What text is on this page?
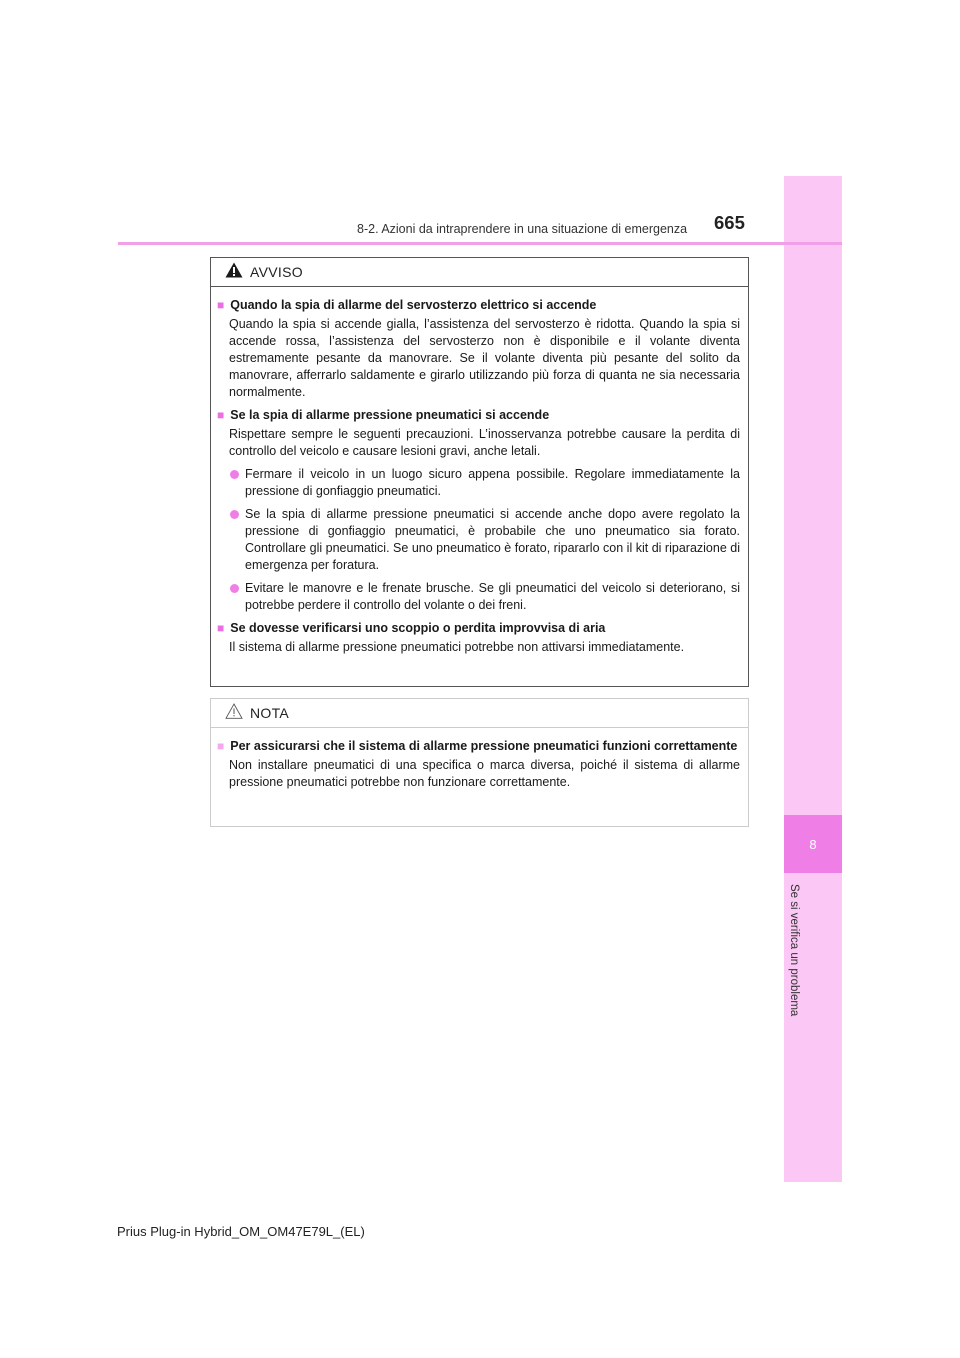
8
Se si verifica un problema
8-2. Azioni da intraprendere in una situazione di emergenza 665
AVVISO
■ Quando la spia di allarme del servosterzo elettrico si accende

Quando la spia si accende gialla, l’assistenza del servosterzo è ridotta. Quando la spia si accende rossa, l’assistenza del servosterzo non è disponibile e il volante diventa estremamente pesante da manovrare. Se il volante diventa più pesante del solito da manovrare, afferrarlo saldamente e girarlo utilizzando più forza di quanta ne sia necessaria normalmente.

■ Se la spia di allarme pressione pneumatici si accende

Rispettare sempre le seguenti precauzioni. L’inosservanza potrebbe causare la perdita di controllo del veicolo e causare lesioni gravi, anche letali.

Fermare il veicolo in un luogo sicuro appena possibile. Regolare immediatamente la pressione di gonfiaggio pneumatici.
Se la spia di allarme pressione pneumatici si accende anche dopo avere regolato la pressione di gonfiaggio pneumatici, è probabile che uno pneumatico sia forato. Controllare gli pneumatici. Se uno pneumatico è forato, ripararlo con il kit di riparazione di emergenza per foratura.
Evitare le manovre e le frenate brusche. Se gli pneumatici del veicolo si deteriorano, si potrebbe perdere il controllo del volante o dei freni.
■ Se dovesse verificarsi uno scoppio o perdita improvvisa di aria

Il sistema di allarme pressione pneumatici potrebbe non attivarsi immediatamente.

NOTA
■ Per assicurarsi che il sistema di allarme pressione pneumatici funzioni correttamente

Non installare pneumatici di una specifica o marca diversa, poiché il sistema di allarme pressione pneumatici potrebbe non funzionare correttamente.

Prius Plug-in Hybrid_OM_OM47E79L_(EL)
